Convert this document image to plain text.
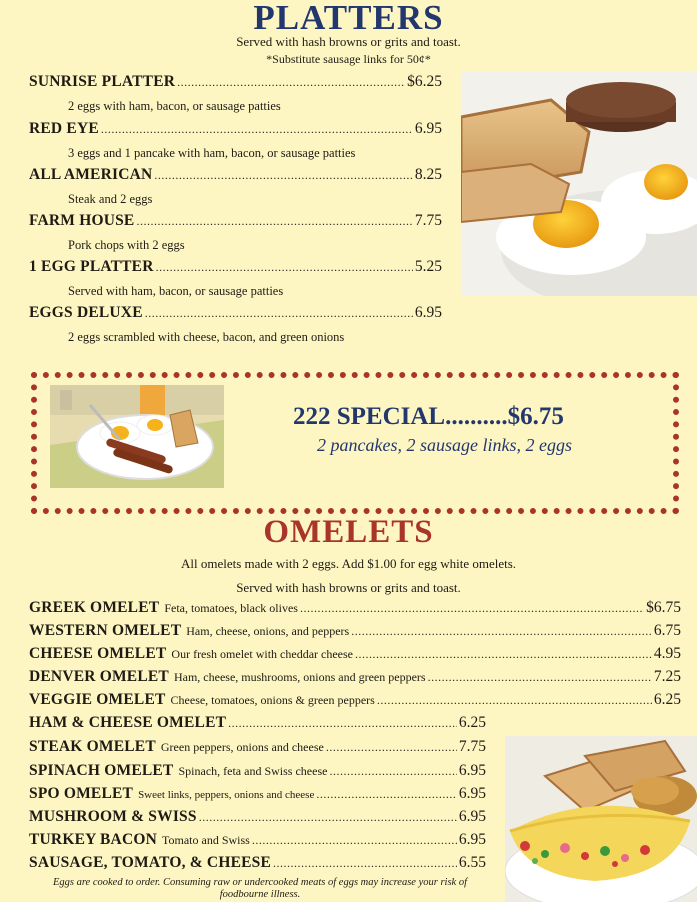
PLATTERS
Served with hash browns or grits and toast.
*Substitute sausage links for 50¢*
SUNRISE PLATTER .....	$6.25
2 eggs with ham, bacon, or sausage patties
RED EYE .....	6.95
3 eggs and 1 pancake with ham, bacon, or sausage patties
ALL AMERICAN .....	8.25
Steak and 2 eggs
FARM HOUSE .....	7.75
Pork chops with 2 eggs
1 EGG PLATTER .....	5.25
Served with ham, bacon, or sausage patties
EGGS DELUXE .....	6.95
2 eggs scrambled with cheese, bacon, and green onions
222 SPECIAL..........$6.75
2 pancakes, 2 sausage links, 2 eggs
OMELETS
All omelets made with 2 eggs. Add $1.00 for egg white omelets.
Served with hash browns or grits and toast.
GREEK OMELET Feta, tomatoes, black olives .....	$6.75
WESTERN OMELET Ham, cheese, onions, and peppers .....	6.75
CHEESE OMELET Our fresh omelet with cheddar cheese .....	4.95
DENVER OMELET Ham, cheese, mushrooms, onions and green peppers .....	7.25
VEGGIE OMELET Cheese, tomatoes, onions & green peppers .....	6.25
HAM & CHEESE OMELET .....	6.25
STEAK OMELET Green peppers, onions and cheese .....	7.75
SPINACH OMELET Spinach, feta and Swiss cheese .....	6.95
SPO OMELET Sweet links, peppers, onions and cheese .....	6.95
MUSHROOM & SWISS .....	6.95
TURKEY BACON Tomato and Swiss .....	6.95
SAUSAGE, TOMATO, & CHEESE .....	6.55
Eggs are cooked to order. Consuming raw or undercooked meats of eggs may increase your risk of foodbourne illness.
